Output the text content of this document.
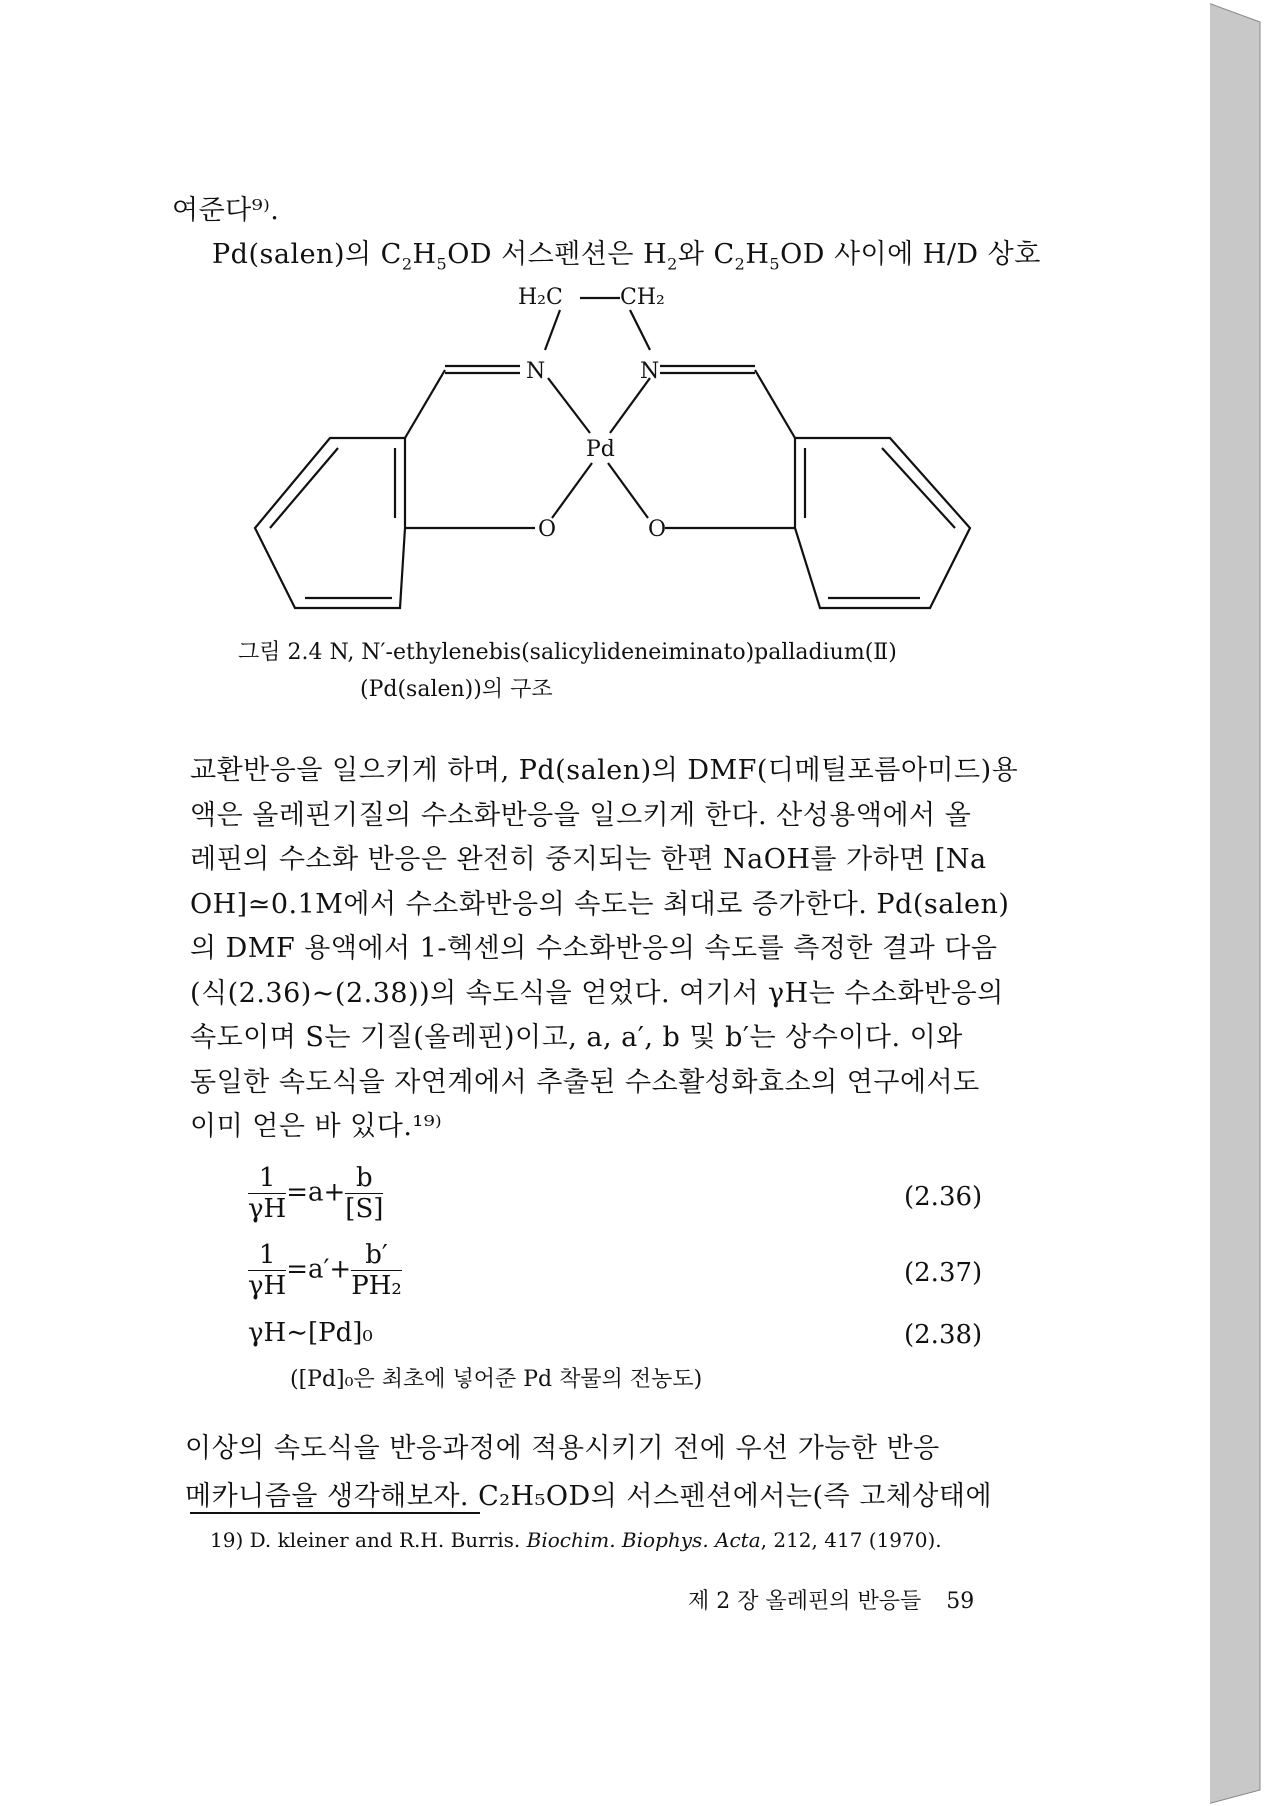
여준다⁹⁾.
Pd(salen)의 $C_2H_5OD$ 서스펜션은 $H_2$와 $C_2H_5OD$ 사이에 H/D 상호
H₂C	CH₂
N	N
Pd
O	O
그림 2.4 N, N′-ethylenebis(salicylideneiminato)palladium(Ⅱ)
(Pd(salen))의 구조
교환반응을 일으키게 하며, Pd(salen)의 DMF(디메틸포름아미드)용
액은 올레핀기질의 수소화반응을 일으키게 한다. 산성용액에서 올
레핀의 수소화 반응은 완전히 중지되는 한편 NaOH를 가하면 [Na
OH]≃0.1M에서 수소화반응의 속도는 최대로 증가한다. Pd(salen)
의 DMF 용액에서 1-헥센의 수소화반응의 속도를 측정한 결과 다음
(식(2.36)~(2.38))의 속도식을 얻었다. 여기서 γH는 수소화반응의
속도이며 S는 기질(올레핀)이고, a, a′, b 및 b′는 상수이다. 이와
동일한 속도식을 자연계에서 추출된 수소활성화효소의 연구에서도
이미 얻은 바 있다.¹⁹⁾
$\frac{1}{\gamma H} =a+ \frac{b}{[S]}$	(2.36)
$\frac{1}{\gamma H} =a'+ \frac{b'}{\text{PH₂}}$	(2.37)
γH∼[Pd]₀	(2.38)
([Pd]₀은 최초에 넣어준 Pd 착물의 전농도)
이상의 속도식을 반응과정에 적용시키기 전에 우선 가능한 반응
메카니즘을 생각해보자. C₂H₅OD의 서스펜션에서는(즉 고체상태에
19) D. kleiner and R.H. Burris. Biochim. Biophys. Acta, 212, 417 (1970).
제 2 장 올레핀의 반응들 59
